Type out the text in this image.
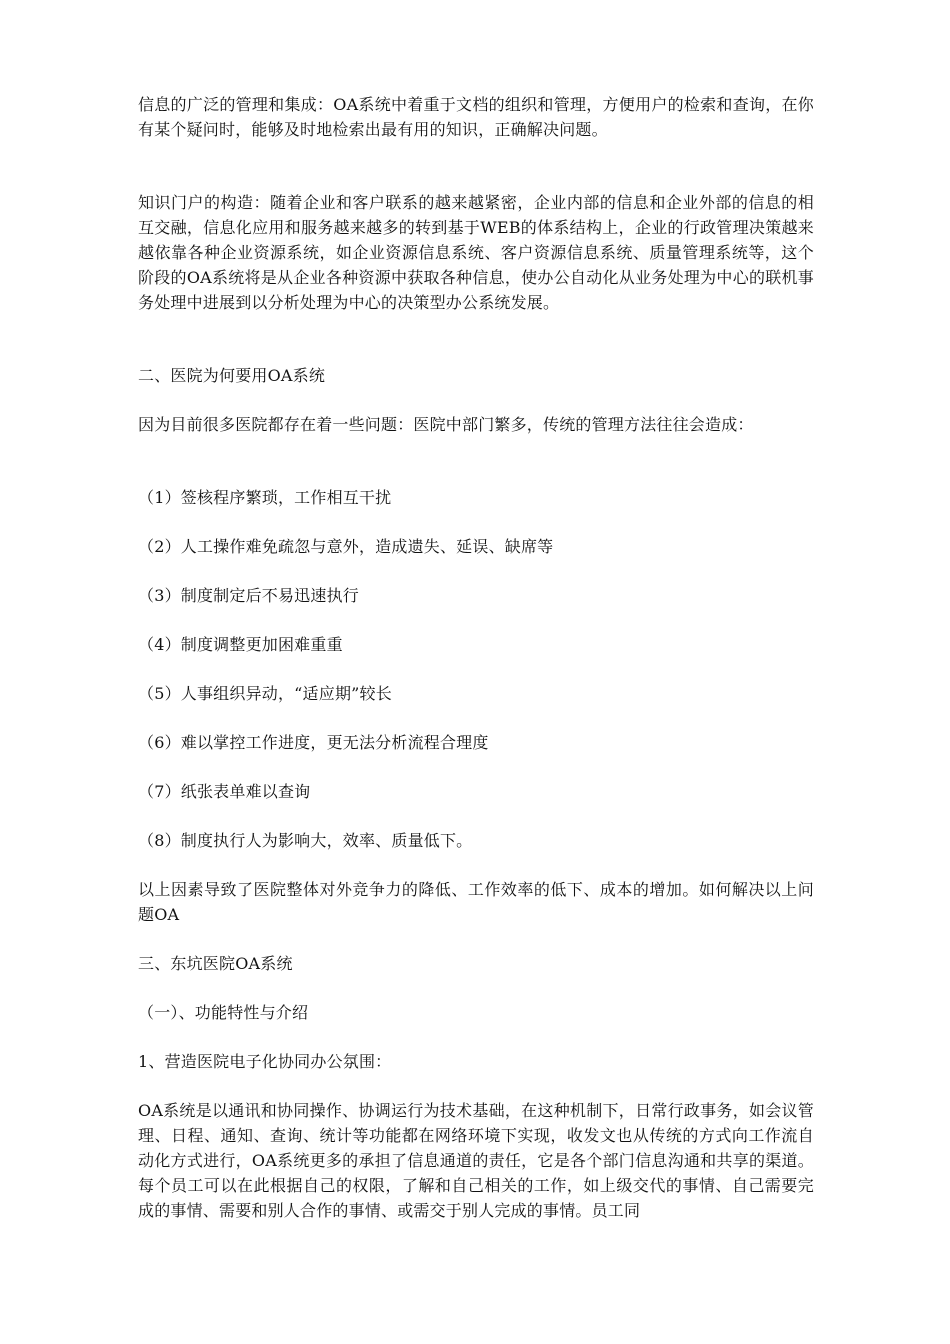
信息的广泛的管理和集成：OA系统中着重于文档的组织和管理，方便用户的检索和查询，在你有某个疑问时，能够及时地检索出最有用的知识，正确解决问题。

知识门户的构造：随着企业和客户联系的越来越紧密，企业内部的信息和企业外部的信息的相互交融，信息化应用和服务越来越多的转到基于WEB的体系结构上，企业的行政管理决策越来越依靠各种企业资源系统，如企业资源信息系统、客户资源信息系统、质量管理系统等，这个阶段的OA系统将是从企业各种资源中获取各种信息，使办公自动化从业务处理为中心的联机事务处理中进展到以分析处理为中心的决策型办公系统发展。

二、医院为何要用OA系统

因为目前很多医院都存在着一些问题：医院中部门繁多，传统的管理方法往往会造成：

（1）签核程序繁琐，工作相互干扰

（2）人工操作难免疏忽与意外，造成遗失、延误、缺席等

（3）制度制定后不易迅速执行

（4）制度调整更加困难重重

（5）人事组织异动，“适应期”较长

（6）难以掌控工作进度，更无法分析流程合理度

（7）纸张表单难以查询

（8）制度执行人为影响大，效率、质量低下。

以上因素导致了医院整体对外竞争力的降低、工作效率的低下、成本的增加。如何解决以上问题OA

三、东坑医院OA系统

（一）、功能特性与介绍

1、营造医院电子化协同办公氛围：

OA系统是以通讯和协同操作、协调运行为技术基础，在这种机制下，日常行政事务，如会议管理、日程、通知、查询、统计等功能都在网络环境下实现，收发文也从传统的方式向工作流自动化方式进行，OA系统更多的承担了信息通道的责任，它是各个部门信息沟通和共享的渠道。每个员工可以在此根据自己的权限，了解和自己相关的工作，如上级交代的事情、自己需要完成的事情、需要和别人合作的事情、或需交于别人完成的事情。员工同
